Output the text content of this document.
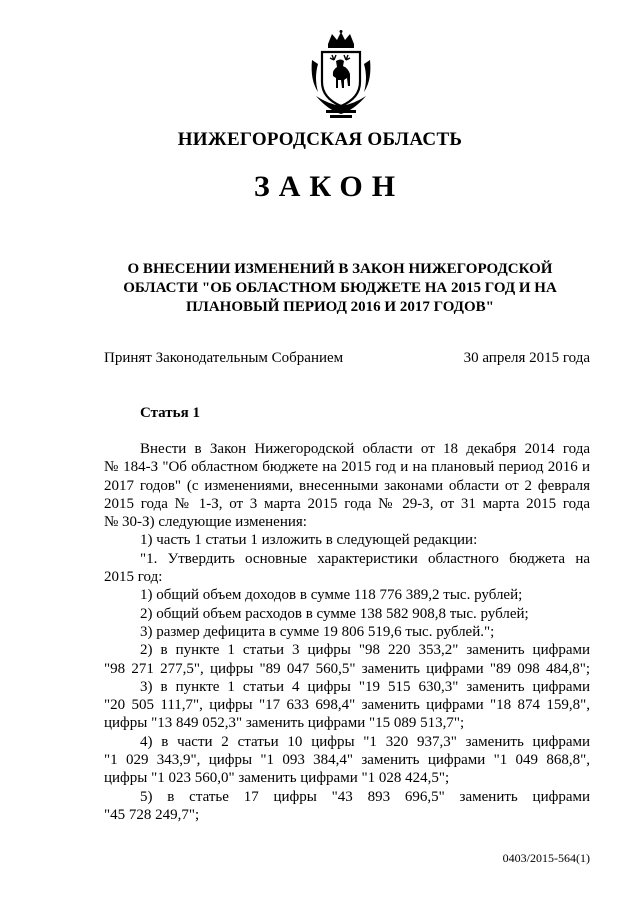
НИЖЕГОРОДСКАЯ ОБЛАСТЬ
ЗАКОН
О ВНЕСЕНИИ ИЗМЕНЕНИЙ В ЗАКОН НИЖЕГОРОДСКОЙ
ОБЛАСТИ "ОБ ОБЛАСТНОМ БЮДЖЕТЕ НА 2015 ГОД И НА
ПЛАНОВЫЙ ПЕРИОД 2016 И 2017 ГОДОВ"
Принят Законодательным Собранием	30 апреля 2015 года
Статья 1
Внести в Закон Нижегородской области от 18 декабря 2014 года
№ 184-З "Об областном бюджете на 2015 год и на плановый период 2016 и
2017 годов" (с изменениями, внесенными законами области от 2 февраля
2015 года № 1-З, от 3 марта 2015 года № 29-З, от 31 марта 2015 года
№ 30-З) следующие изменения:
1) часть 1 статьи 1 изложить в следующей редакции:
"1. Утвердить основные характеристики областного бюджета на
2015 год:
1) общий объем доходов в сумме 118 776 389,2 тыс. рублей;
2) общий объем расходов в сумме 138 582 908,8 тыс. рублей;
3) размер дефицита в сумме 19 806 519,6 тыс. рублей.";
2) в пункте 1 статьи 3 цифры "98 220 353,2" заменить цифрами
"98 271 277,5", цифры "89 047 560,5" заменить цифрами "89 098 484,8";
3) в пункте 1 статьи 4 цифры "19 515 630,3" заменить цифрами
"20 505 111,7", цифры "17 633 698,4" заменить цифрами "18 874 159,8",
цифры "13 849 052,3" заменить цифрами "15 089 513,7";
4) в части 2 статьи 10 цифры "1 320 937,3" заменить цифрами
"1 029 343,9", цифры "1 093 384,4" заменить цифрами "1 049 868,8",
цифры "1 023 560,0" заменить цифрами "1 028 424,5";
5) в статье 17 цифры "43 893 696,5" заменить цифрами
"45 728 249,7";
0403/2015-564(1)
